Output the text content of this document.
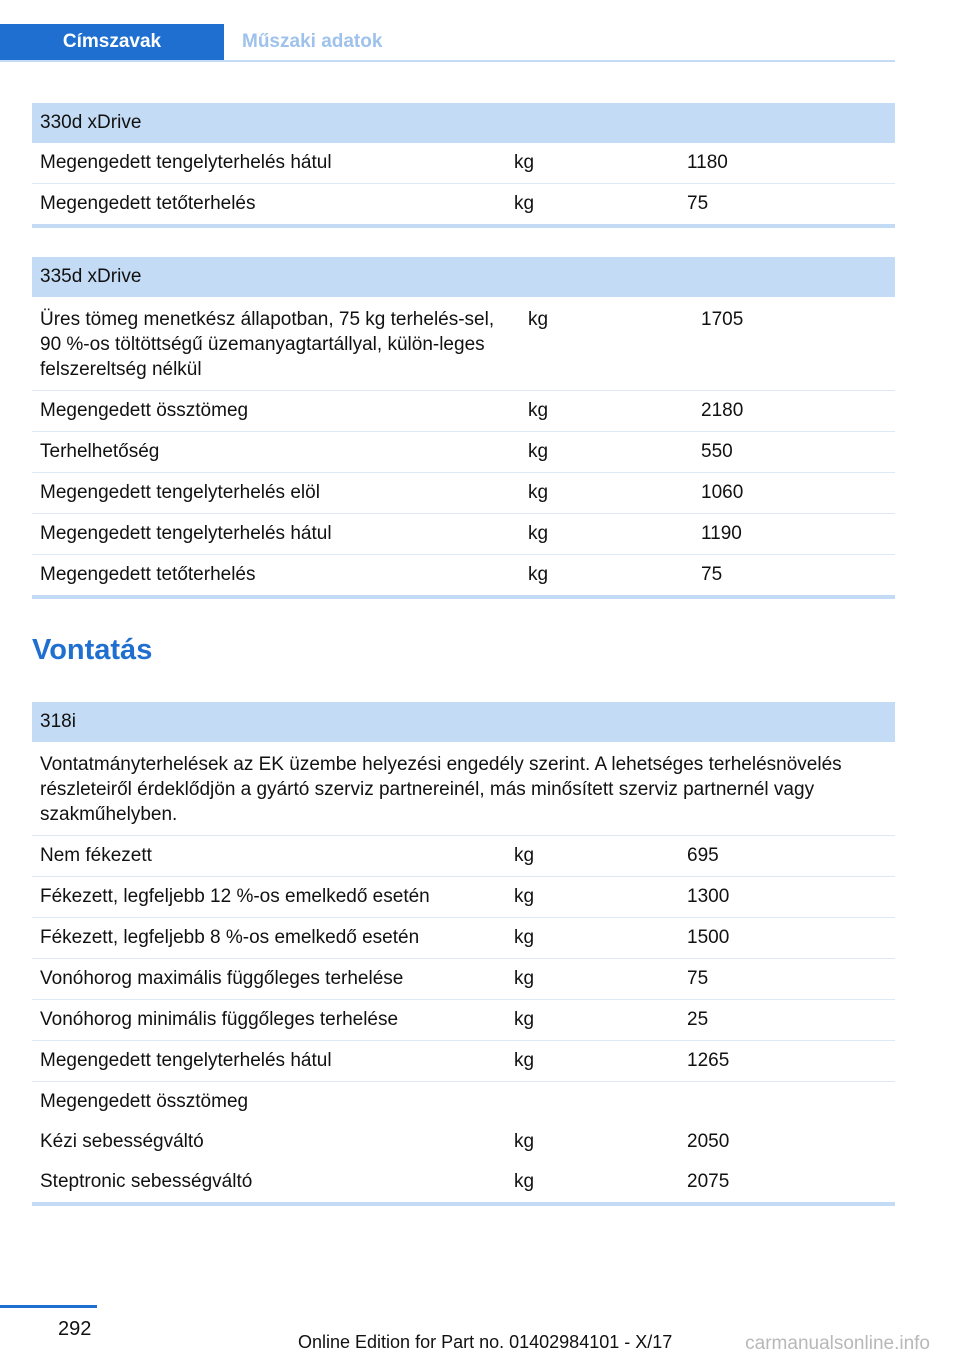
Címszavak	Műszaki adatok
330d xDrive		
Megengedett tengelyterhelés hátul	kg	1180
Megengedett tetőterhelés	kg	75
335d xDrive		
Üres tömeg menetkész állapotban, 75 kg terhelés-sel, 90 %-os töltöttségű üzemanyagtartállyal, külön-leges felszereltség nélkül	kg	1705
Megengedett össztömeg	kg	2180
Terhelhetőség	kg	550
Megengedett tengelyterhelés elöl	kg	1060
Megengedett tengelyterhelés hátul	kg	1190
Megengedett tetőterhelés	kg	75
Vontatás
318i		
Vontatmányterhelések az EK üzembe helyezési engedély szerint. A lehetséges terhelésnövelés részleteiről érdeklődjön a gyártó szerviz partnereinél, más minősített szerviz partnernél vagy szakműhelyben.		
Nem fékezett	kg	695
Fékezett, legfeljebb 12 %-os emelkedő esetén	kg	1300
Fékezett, legfeljebb 8 %-os emelkedő esetén	kg	1500
Vonóhorog maximális függőleges terhelése	kg	75
Vonóhorog minimális függőleges terhelése	kg	25
Megengedett tengelyterhelés hátul	kg	1265
Megengedett össztömeg		
Kézi sebességváltó	kg	2050
Steptronic sebességváltó	kg	2075
292
Online Edition for Part no. 01402984101 - X/17	carmanualsonline.info
